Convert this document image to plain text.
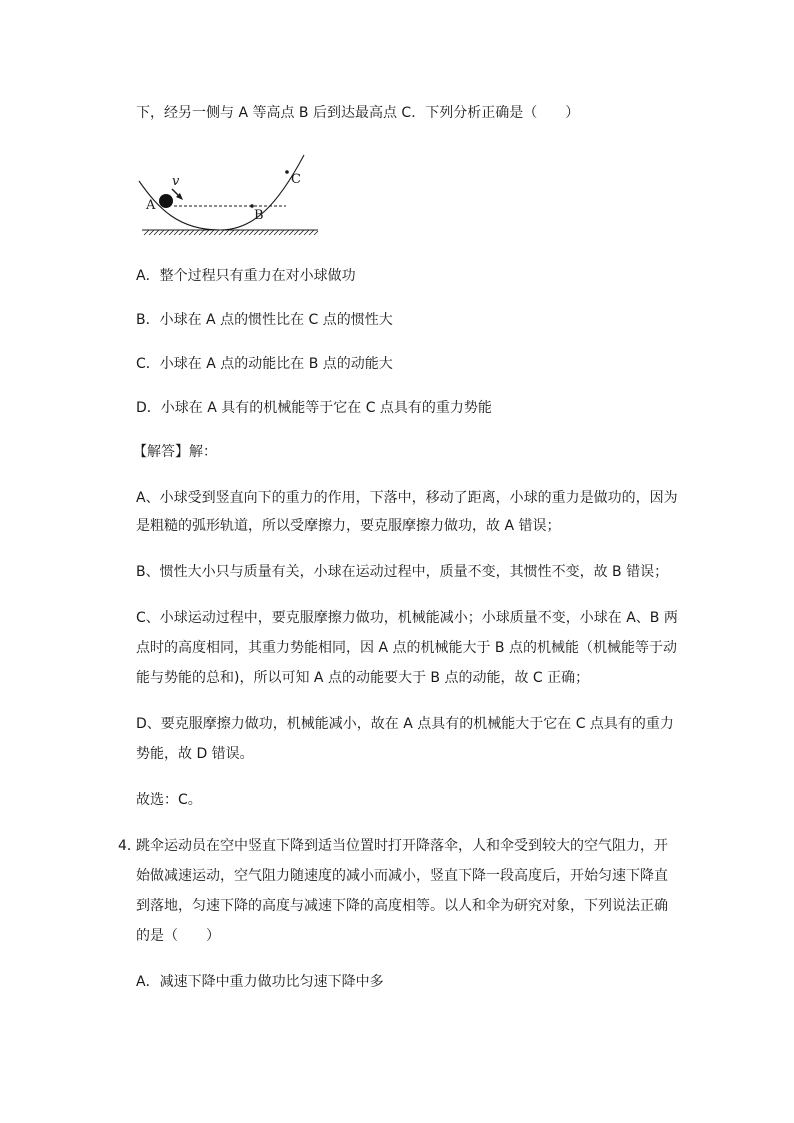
下，经另一侧与 A 等高点 B 后到达最高点 C．下列分析正确是（　　）
A
B
C
v
A．整个过程只有重力在对小球做功
B．小球在 A 点的惯性比在 C 点的惯性大
C．小球在 A 点的动能比在 B 点的动能大
D．小球在 A 具有的机械能等于它在 C 点具有的重力势能
【解答】解：
A、小球受到竖直向下的重力的作用，下落中，移动了距离，小球的重力是做功的，因为
是粗糙的弧形轨道，所以受摩擦力，要克服摩擦力做功，故 A 错误；
B、惯性大小只与质量有关，小球在运动过程中，质量不变，其惯性不变，故 B 错误；
C、小球运动过程中，要克服摩擦力做功，机械能减小；小球质量不变，小球在 A、B 两
点时的高度相同，其重力势能相同，因 A 点的机械能大于 B 点的机械能（机械能等于动
能与势能的总和)，所以可知 A 点的动能要大于 B 点的动能，故 C 正确；
D、要克服摩擦力做功，机械能减小，故在 A 点具有的机械能大于它在 C 点具有的重力
势能，故 D 错误。
故选：C。
4．
跳伞运动员在空中竖直下降到适当位置时打开降落伞，人和伞受到较大的空气阻力，开
始做减速运动，空气阻力随速度的减小而减小，竖直下降一段高度后，开始匀速下降直
到落地，匀速下降的高度与减速下降的高度相等。以人和伞为研究对象，下列说法正确
的是（　　）
A．减速下降中重力做功比匀速下降中多
